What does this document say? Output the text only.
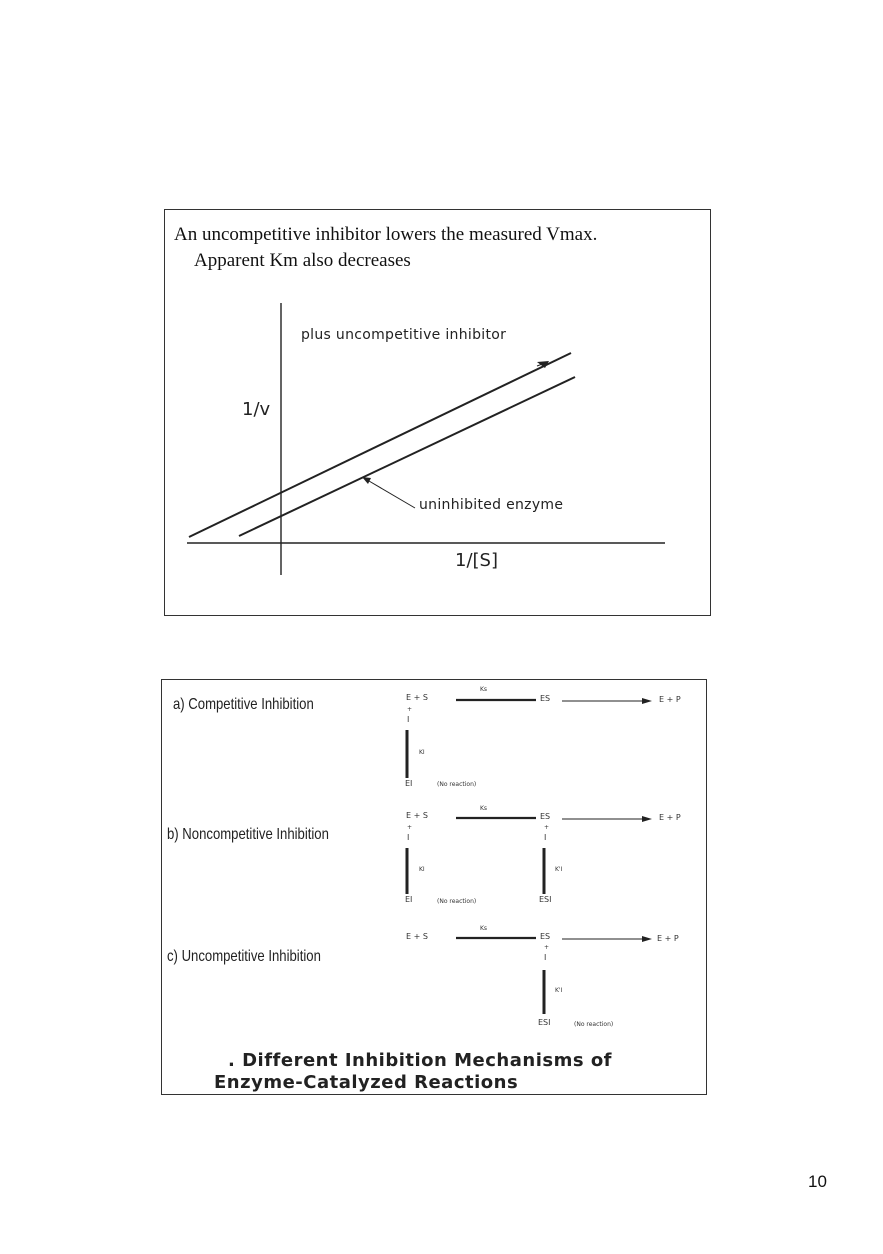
An uncompetitive inhibitor lowers the measured Vmax.
Apparent Km also decreases
plus uncompetitive inhibitor
uninhibited enzyme
1/v
1/[S]
a) Competitive Inhibition	E + S
Ks
ES	E + P
+
I
KI
EI	(No reaction)
b) Noncompetitive Inhibition
E + S
Ks
ES	E + P
+
I
KI
EI	(No reaction)
+
I
K'I
ESI
c) Uncompetitive Inhibition
E + S
Ks
ES	E + P
+
I
K'I
ESI	(No reaction)
. Different Inhibition Mechanisms of
Enzyme-Catalyzed Reactions
10
